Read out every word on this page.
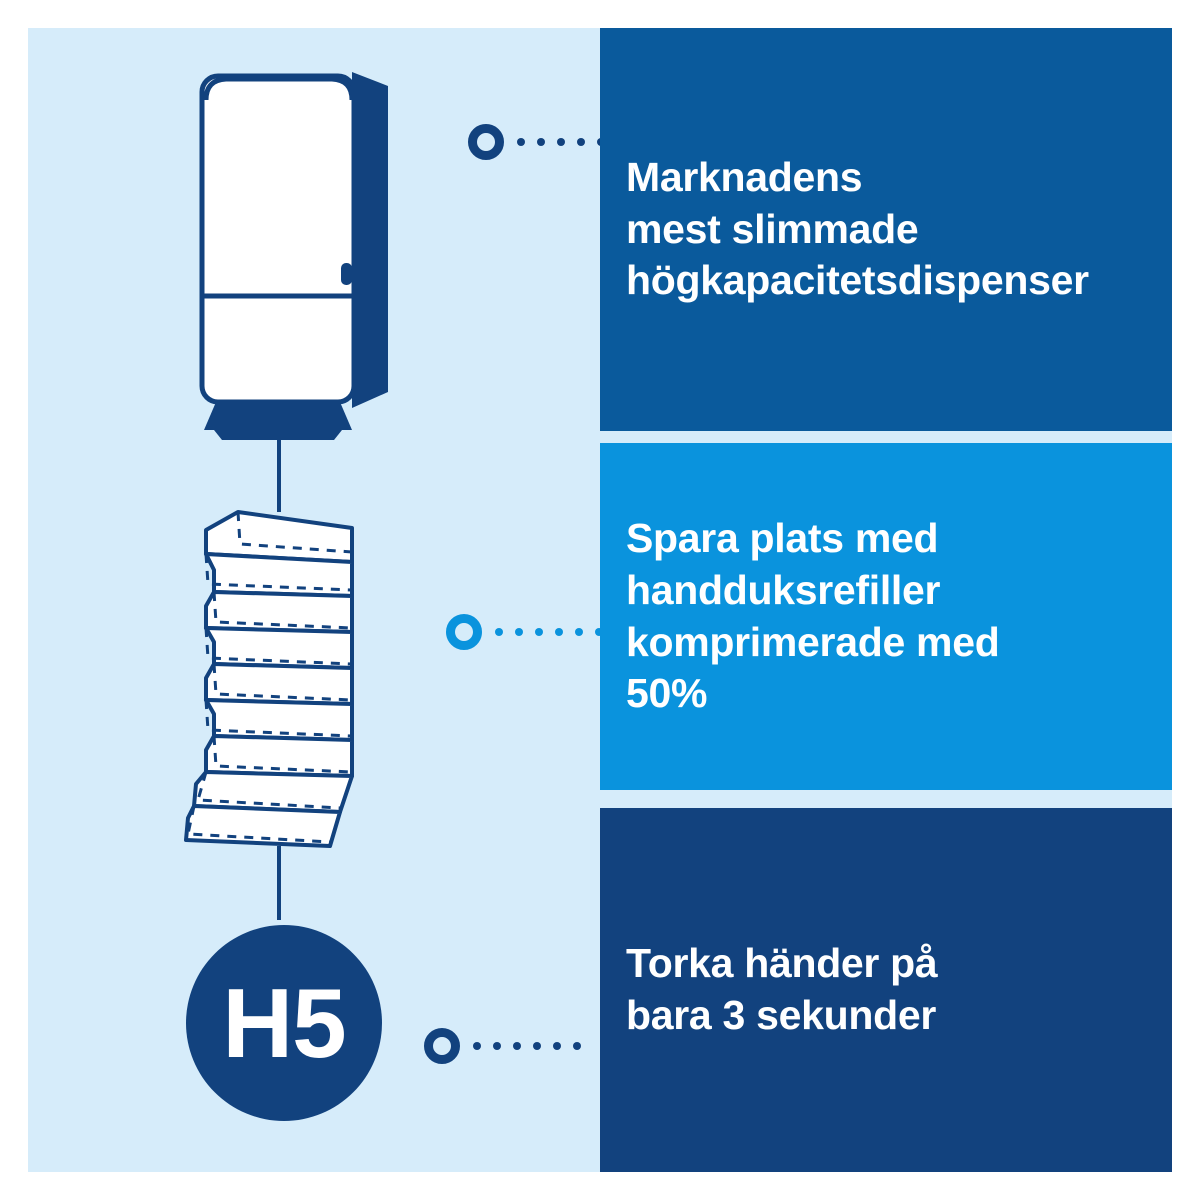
H5
Marknadens
mest slimmade
högkapacitetsdispenser
Spara plats med
handduksrefiller
komprimerade med
50%
Torka händer på
bara 3 sekunder
